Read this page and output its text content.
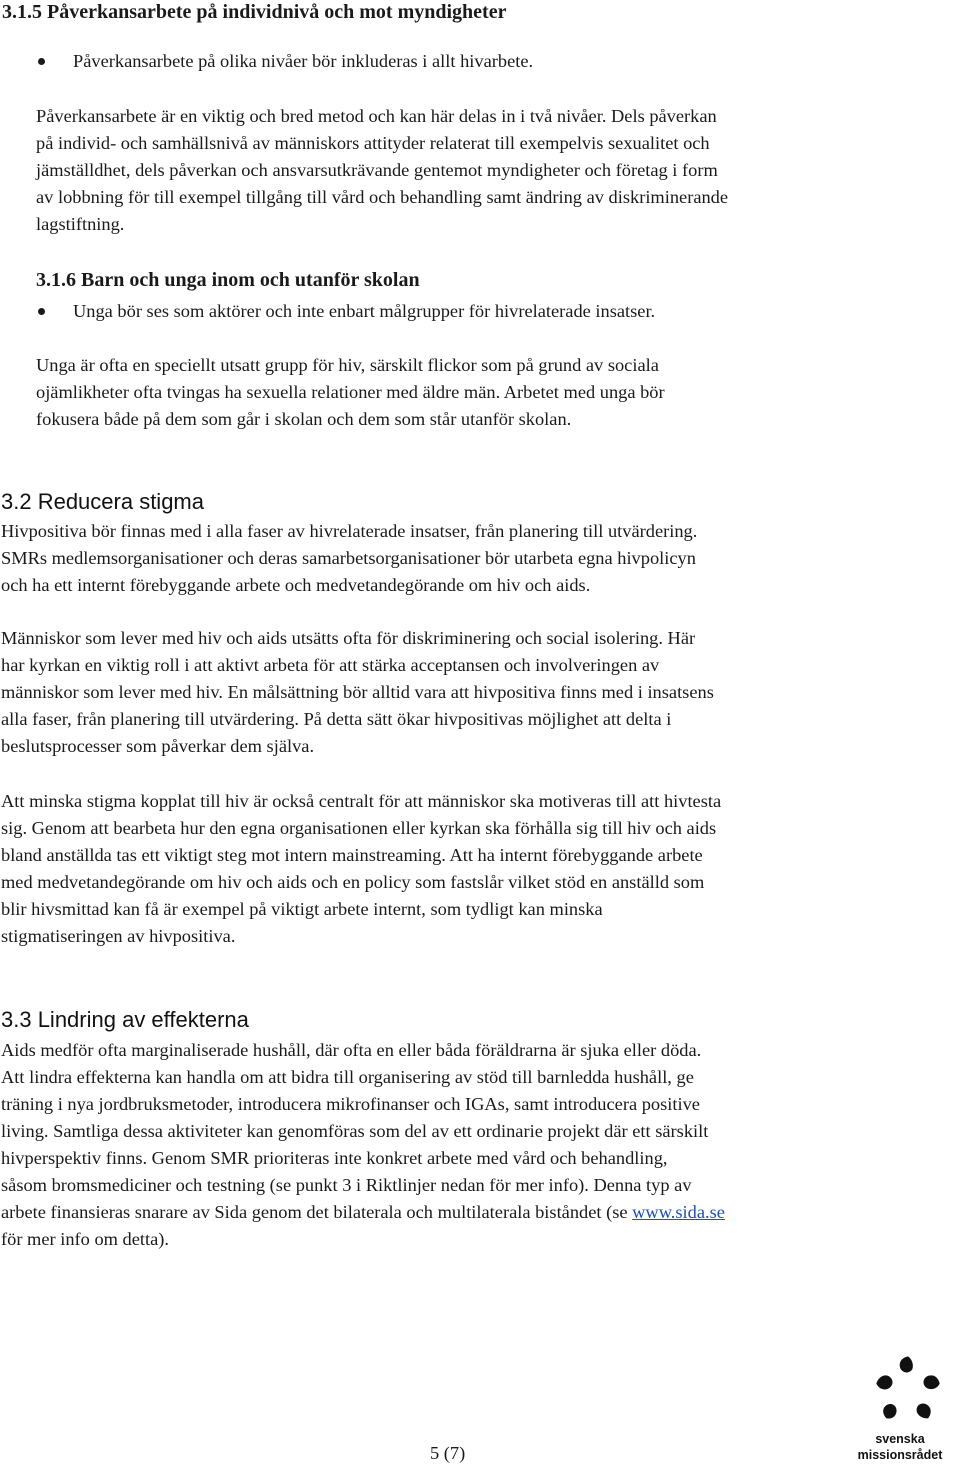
3.1.5 Påverkansarbete på individnivå och mot myndigheter
Påverkansarbete på olika nivåer bör inkluderas i allt hivarbete.

Påverkansarbete är en viktig och bred metod och kan här delas in i två nivåer. Dels påverkan

på individ- och samhällsnivå av människors attityder relaterat till exempelvis sexualitet och

jämställdhet, dels påverkan och ansvarsutkrävande gentemot myndigheter och företag i form

av lobbning för till exempel tillgång till vård och behandling samt ändring av diskriminerande

lagstiftning.

3.1.6 Barn och unga inom och utanför skolan
Unga bör ses som aktörer och inte enbart målgrupper för hivrelaterade insatser.

Unga är ofta en speciellt utsatt grupp för hiv, särskilt flickor som på grund av sociala

ojämlikheter ofta tvingas ha sexuella relationer med äldre män. Arbetet med unga bör

fokusera både på dem som går i skolan och dem som står utanför skolan.

3.2 Reducera stigma

Hivpositiva bör finnas med i alla faser av hivrelaterade insatser, från planering till utvärdering.

SMRs medlemsorganisationer och deras samarbetsorganisationer bör utarbeta egna hivpolicyn

och ha ett internt förebyggande arbete och medvetandegörande om hiv och aids.

Människor som lever med hiv och aids utsätts ofta för diskriminering och social isolering. Här

har kyrkan en viktig roll i att aktivt arbeta för att stärka acceptansen och involveringen av

människor som lever med hiv. En målsättning bör alltid vara att hivpositiva finns med i insatsens

alla faser, från planering till utvärdering. På detta sätt ökar hivpositivas möjlighet att delta i

beslutsprocesser som påverkar dem själva.

Att minska stigma kopplat till hiv är också centralt för att människor ska motiveras till att hivtesta

sig. Genom att bearbeta hur den egna organisationen eller kyrkan ska förhålla sig till hiv och aids

bland anställda tas ett viktigt steg mot intern mainstreaming. Att ha internt förebyggande arbete

med medvetandegörande om hiv och aids och en policy som fastslår vilket stöd en anställd som

blir hivsmittad kan få är exempel på viktigt arbete internt, som tydligt kan minska

stigmatiseringen av hivpositiva.

3.3 Lindring av effekterna

Aids medför ofta marginaliserade hushåll, där ofta en eller båda föräldrarna är sjuka eller döda.

Att lindra effekterna kan handla om att bidra till organisering av stöd till barnledda hushåll, ge

träning i nya jordbruksmetoder, introducera mikrofinanser och IGAs, samt introducera positive

living. Samtliga dessa aktiviteter kan genomföras som del av ett ordinarie projekt där ett särskilt

hivperspektiv finns. Genom SMR prioriteras inte konkret arbete med vård och behandling,

såsom bromsmediciner och testning (se punkt 3 i Riktlinjer nedan för mer info). Denna typ av

arbete finansieras snarare av Sida genom det bilaterala och multilaterala biståndet (se www.sida.se

för mer info om detta).

5 (7)
svenska
missionsrådet
